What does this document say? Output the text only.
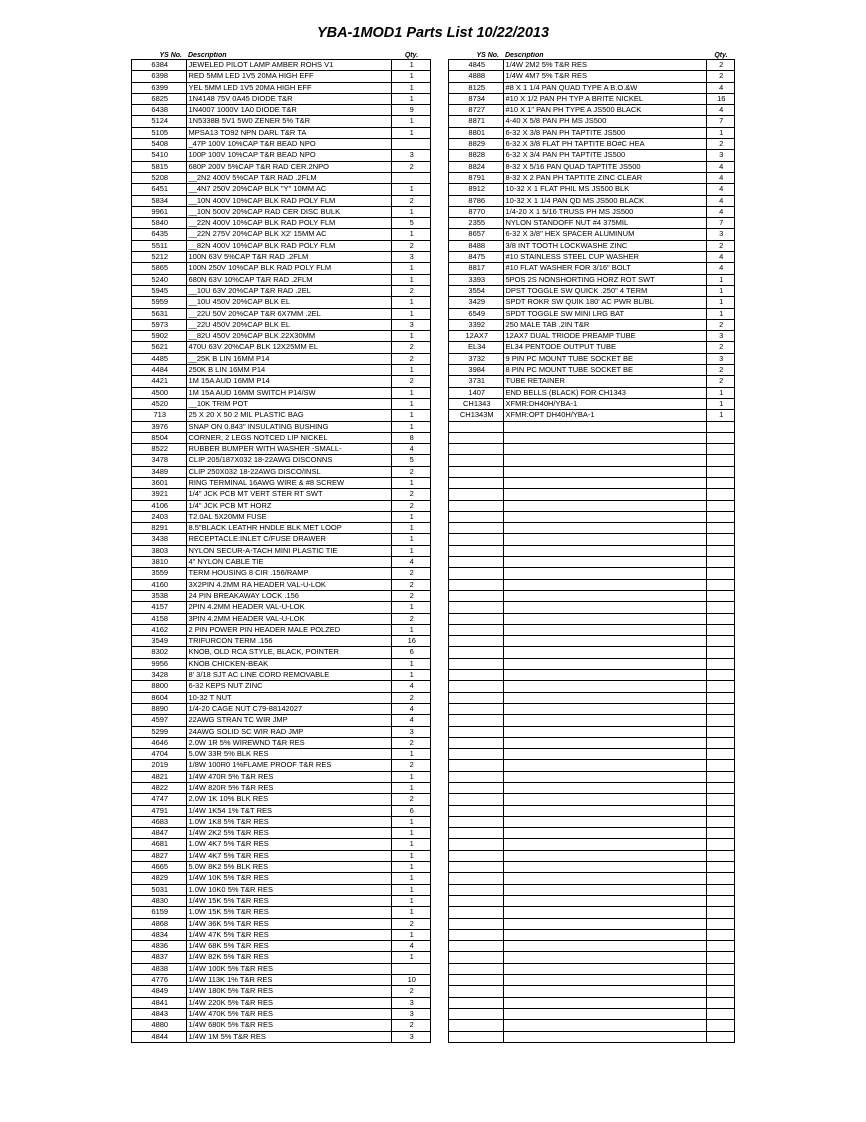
YBA-1MOD1 Parts List 10/22/2013
YS No.	Description	Qty.
6384	JEWELED PILOT LAMP AMBER ROHS V1	1
6398	RED 5MM LED 1V5 20MA HIGH EFF	1
6399	YEL 5MM LED 1V5 20MA HIGH EFF	1
6825	1N4148 75V 0A45 DIODE T&R	1
6438	1N4007 1000V 1A0 DIODE T&R	9
5124	1N5338B 5V1 5W0 ZENER 5% T&R	1
5105	MPSA13 TO92 NPN DARL T&R TA	1
5408	_47P 100V 10%CAP T&R BEAD NPO	
5410	100P 100V 10%CAP T&R BEAD NPO	3
5815	680P 200V 5%CAP T&R RAD CER.2NPO	2
5208	__2N2 400V 5%CAP T&R RAD .2FLM	
6451	__4N7 250V 20%CAP BLK "Y" 10MM AC	1
5834	__10N 400V 10%CAP BLK RAD POLY FLM	2
9961	__10N 500V 20%CAP RAD CER DISC BULK	1
5840	__22N 400V 10%CAP BLK RAD POLY FLM	5
6435	__22N 275V 20%CAP BLK X2' 15MM AC	1
5511	__82N 400V 10%CAP BLK RAD POLY FLM	2
5212	100N 63V 5%CAP T&R RAD .2FLM	3
5865	100N 250V 10%CAP BLK RAD POLY FLM	1
5240	680N 63V 10%CAP T&R RAD .2FLM	1
5945	__10U 63V 20%CAP T&R RAD .2EL	2
5959	__10U 450V 20%CAP BLK EL	1
5631	__22U 50V 20%CAP T&R 6X7MM .2EL	1
5973	__22U 450V 20%CAP BLK EL	3
5902	__82U 450V 20%CAP BLK 22X30MM	1
5621	470U 63V 20%CAP BLK 12X25MM EL	2
4485	__25K B LIN 16MM P14	2
4484	250K B LIN 16MM P14	1
4421	1M 15A AUD 16MM P14	2
4500	1M 15A AUD 16MM SWITCH P14/SW	1
4520	__10K TRIM POT	1
713	25 X 20 X 50 2 MIL PLASTIC BAG	1
3976	SNAP ON 0.843" INSULATING BUSHING	1
8504	CORNER, 2 LEGS NOTCED LIP NICKEL	8
8522	RUBBER BUMPER WITH WASHER -SMALL-	4
3478	CLIP 205/187X032 18-22AWG DISCONNS	5
3489	CLIP 250X032 18-22AWG DISCO/INSL	2
3601	RING TERMINAL 16AWG WIRE & #8 SCREW	1
3921	1/4" JCK PCB MT VERT STER RT SWT	2
4106	1/4" JCK PCB MT HORZ	2
2403	T2.0AL 5X20MM FUSE	1
8291	8.5"BLACK LEATHR HNDLE BLK MET LOOP	1
3438	RECEPTACLE:INLET C/FUSE DRAWER	1
3803	NYLON SECUR-A-TACH MINI PLASTIC TIE	1
3810	4" NYLON CABLE TIE	4
3559	TERM HOUSING 8 CIR .156/RAMP	2
4160	3X2PIN 4.2MM RA HEADER VAL-U-LOK	2
3538	24 PIN BREAKAWAY LOCK .156	2
4157	2PIN 4.2MM HEADER VAL-U-LOK	1
4158	3PIN 4.2MM HEADER VAL-U-LOK	2
4162	2 PIN POWER PIN HEADER MALE POLZED	1
3549	TRIFURCON TERM .156	16
8302	KNOB, OLD RCA STYLE, BLACK, POINTER	6
9956	KNOB CHICKEN-BEAK	1
3428	8' 3/18 SJT AC LINE CORD REMOVABLE	1
8800	6-32 KEPS NUT ZINC	4
8604	10-32 T NUT	2
8890	1/4-20 CAGE NUT C79-88142027	4
4597	22AWG STRAN TC WIR JMP	4
5299	24AWG SOLID SC WIR RAD JMP	3
4646	2.0W 1R 5% WIREWND T&R RES	2
4704	5.0W 33R 5% BLK RES	1
2019	1/8W 100R0 1%FLAME PROOF T&R RES	2
4821	1/4W 470R 5% T&R RES	1
4822	1/4W 820R 5% T&R RES	1
4747	2.0W 1K 10% BLK RES	2
4791	1/4W 1K54 1% T&T RES	6
4683	1.0W 1K8 5% T&R RES	1
4847	1/4W 2K2 5% T&R RES	1
4681	1.0W 4K7 5% T&R RES	1
4827	1/4W 4K7 5% T&R RES	1
4665	5.0W 8K2 5% BLK RES	1
4829	1/4W 10K 5% T&R RES	1
5031	1.0W 10K0 5% T&R RES	1
4830	1/4W 15K 5% T&R RES	1
6159	1.0W 15K 5% T&R RES	1
4868	1/4W 36K 5% T&R RES	2
4834	1/4W 47K 5% T&R RES	1
4836	1/4W 68K 5% T&R RES	4
4837	1/4W 82K 5% T&R RES	1
4838	1/4W 100K 5% T&R RES	
4776	1/4W 113K 1% T&R RES	10
4849	1/4W 180K 5% T&R RES	2
4841	1/4W 220K 5% T&R RES	3
4843	1/4W 470K 5% T&R RES	3
4880	1/4W 680K 5% T&R RES	2
4844	1/4W 1M 5% T&R RES	3
YS No.	Description	Qty.
4845	1/4W 2M2 5% T&R RES	2
4888	1/4W 4M7 5% T&R RES	2
8125	#8 X 1 1/4 PAN QUAD TYPE A B.O.&W	4
8734	#10 X 1/2 PAN PH TYP A BRITE NICKEL	16
8727	#10 X 1" PAN PH TYPE A JS500 BLACK	4
8871	4-40 X 5/8 PAN PH MS JS500	7
8801	6-32 X 3/8 PAN PH TAPTITE JS500	1
8829	6-32 X 3/8 FLAT PH TAPTITE BO#C HEA	2
8828	6-32 X 3/4 PAN PH TAPTITE JS500	3
8824	8-32 X 5/16 PAN QUAD TAPTITE JS500	4
8791	8-32 X 2 PAN PH TAPTITE ZINC CLEAR	4
8912	10-32 X 1 FLAT PHIL MS JS500 BLK	4
8786	10-32 X 1 1/4 PAN QD MS JS500 BLACK	4
8770	1/4-20 X 1 5/16 TRUSS PH MS JS500	4
2355	NYLON STANDOFF NUT #4 375MIL	7
8657	6-32 X 3/8" HEX SPACER ALUMINUM	3
8488	3/8 INT TOOTH LOCKWASHE ZINC	2
8475	#10 STAINLESS STEEL CUP WASHER	4
8817	#10 FLAT WASHER FOR 3/16" BOLT	4
3393	5POS 2S NONSHORTING HORZ ROT SWT	1
3554	DPST TOGGLE SW QUICK .250" 4 TERM	1
3429	SPDT ROKR SW QUIK 180' AC PWR BL/BL	1
6549	SPDT TOGGLE SW MINI LRG BAT	1
3392	250 MALE TAB .2IN T&R	2
12AX7	12AX7 DUAL TRIODE PREAMP TUBE	3
EL34	EL34 PENTODE OUTPUT TUBE	2
3732	9 PIN PC MOUNT TUBE SOCKET BE	3
3984	8 PIN PC MOUNT TUBE SOCKET BE	2
3731	TUBE RETAINER	2
1407	END BELLS (BLACK) FOR CH1343	1
CH1343	XFMR:DH40H/YBA-1	1
CH1343M	XFMR:OPT DH40H/YBA-1	1
